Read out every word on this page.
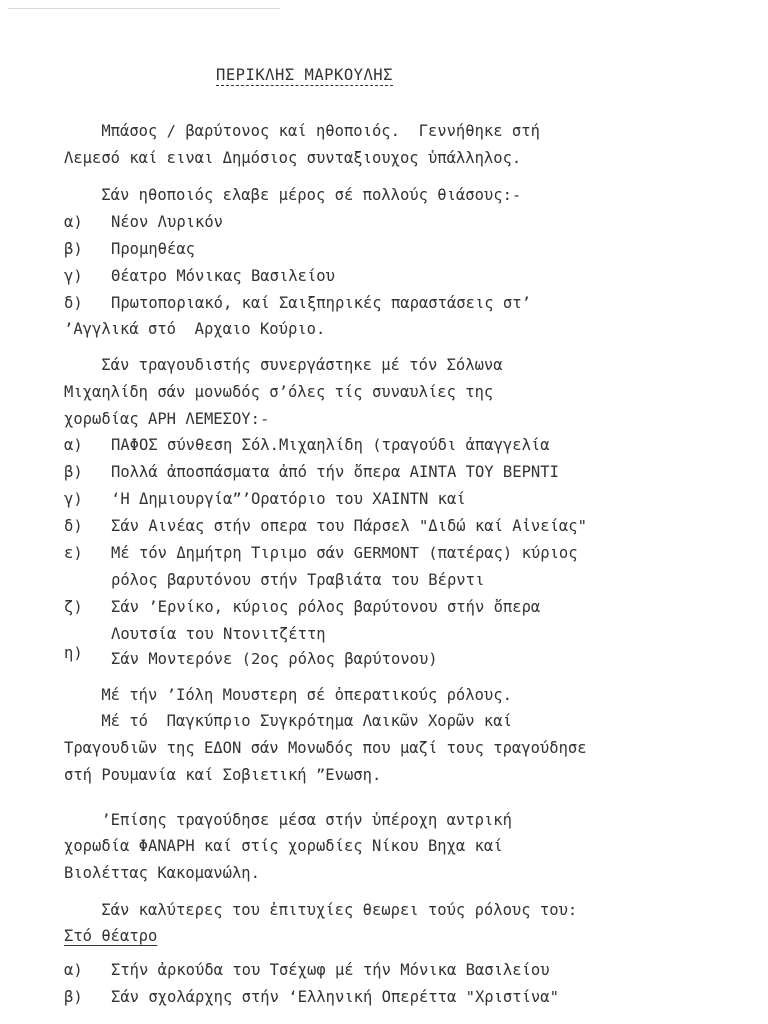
ΠΕΡΙΚΛΗΣ ΜΑΡΚΟΥΛΗΣ
Μπάσος / βαρύτονος καί ηθοποιός.  Γεννήθηκε στή
Λεμεσό καί ειναι Δημόσιος συνταξιουχος ὑπάλληλος.
Σάν ηθοποιός ελαβε μέρος σέ πολλούς θιάσους:-
α) Νέον Λυρικόν
β) Προμηθέας
γ) Θέατρο Μόνικας Βασιλείου
δ) Πρωτοποριακό, καί Σαιξπηρικές παραστάσεις στ’
’Αγγλικά στό  Αρχαιο Κούριο.
Σάν τραγουδιστής συνεργάστηκε μέ τόν Σόλωνα
Μιχαηλίδη σάν μονωδός σ’όλες τίς συναυλίες της
χορωδίας ΑΡΗ ΛΕΜΕΣΟΥ:-
α) ΠΑΦΟΣ σύνθεση Σόλ.Μιχαηλίδη (τραγούδι ἀπαγγελία
β) Πολλά ἀποσπάσματα ἀπό τήν ὄπερα ΑΙΝΤΑ ΤΟΥ ΒΕΡΝΤΙ
γ) ‘Η Δημιουργία”’Ορατόριο του ΧΑΙΝΤΝ καί
δ) Σάν Αινέας στήν οπερα του Πάρσελ "Διδώ καί Αἰνείας"
ε) Μέ τόν Δημήτρη Τιριμο σάν GERMONT (πατέρας) κύριος
ρόλος βαρυτόνου στήν Τραβιάτα του Βέρντι
ζ) Σάν ’Ερνίκο, κύριος ρόλος βαρύτονου στήν ὄπερα
Λουτσία του Ντονιτζέττη
η) Σάν Μοντερόνε (2ος ρόλος βαρύτονου)
Μέ τήν ’Ιόλη Μουστερη σέ ὀπερατικούς ρόλους.
Μέ τό  Παγκύπριο Συγκρότημα Λαικῶν Χορῶν καί
Τραγουδιῶν της ΕΔΟΝ σάν Μονωδός που μαζί τους τραγούδησε
στή Ρουμανία καί Σοβιετική ”Ενωση.
’Επίσης τραγούδησε μέσα στήν ὑπέροχη αντρική
χορωδία ΦΑΝΑΡΗ καί στίς χορωδίες Νίκου Βηχα καί
Βιολέττας Κακομανώλη.
Σάν καλύτερες του ἐπιτυχίες θεωρει τούς ρόλους του:
Στό θέατρο
α) Στήν ἀρκούδα του Τσέχωφ μέ τήν Μόνικα Βασιλείου
β) Σάν σχολάρχης στήν ‘Ελληνική Οπερέττα "Χριστίνα"
